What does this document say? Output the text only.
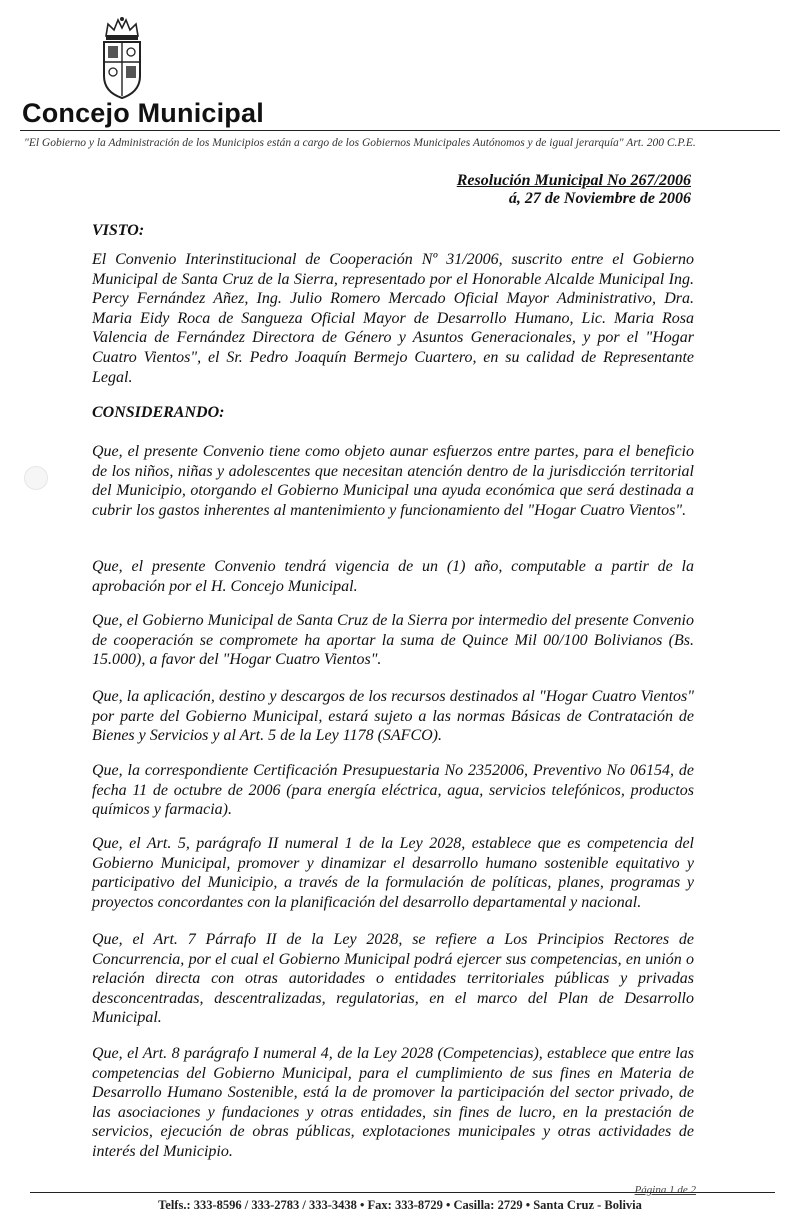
Concejo Municipal
"El Gobierno y la Administración de los Municipios están a cargo de los Gobiernos Municipales Autónomos y de igual jerarquía" Art. 200 C.P.E.
Resolución Municipal No 267/2006
á, 27 de Noviembre de 2006
VISTO:

El Convenio Interinstitucional de Cooperación Nº 31/2006, suscrito entre el Gobierno Municipal de Santa Cruz de la Sierra, representado por el Honorable Alcalde Municipal Ing. Percy Fernández Añez, Ing. Julio Romero Mercado Oficial Mayor Administrativo, Dra. Maria Eidy Roca de Sangueza Oficial Mayor de Desarrollo Humano, Lic. Maria Rosa Valencia de Fernández Directora de Género y Asuntos Generacionales, y por el "Hogar Cuatro Vientos", el Sr. Pedro Joaquín Bermejo Cuartero, en su calidad de Representante Legal.

CONSIDERANDO:

Que, el presente Convenio tiene como objeto aunar esfuerzos entre partes, para el beneficio de los niños, niñas y adolescentes que necesitan atención dentro de la jurisdicción territorial del Municipio, otorgando el Gobierno Municipal una ayuda económica que será destinada a cubrir los gastos inherentes al mantenimiento y funcionamiento del "Hogar Cuatro Vientos".

Que, el presente Convenio tendrá vigencia de un (1) año, computable a partir de la aprobación por el H. Concejo Municipal.

Que, el Gobierno Municipal de Santa Cruz de la Sierra por intermedio del presente Convenio de cooperación se compromete ha aportar la suma de Quince Mil 00/100 Bolivianos (Bs. 15.000), a favor del "Hogar Cuatro Vientos".

Que, la aplicación, destino y descargos de los recursos destinados al "Hogar Cuatro Vientos" por parte del Gobierno Municipal, estará sujeto a las normas Básicas de Contratación de Bienes y Servicios y al Art. 5 de la Ley 1178 (SAFCO).

Que, la correspondiente Certificación Presupuestaria No 2352006, Preventivo No 06154, de fecha 11 de octubre de 2006 (para energía eléctrica, agua, servicios telefónicos, productos químicos y farmacia).

Que, el Art. 5, parágrafo II numeral 1 de la Ley 2028, establece que es competencia del Gobierno Municipal, promover y dinamizar el desarrollo humano sostenible equitativo y participativo del Municipio, a través de la formulación de políticas, planes, programas y proyectos concordantes con la planificación del desarrollo departamental y nacional.

Que, el Art. 7 Párrafo II de la Ley 2028, se refiere a Los Principios Rectores de Concurrencia, por el cual el Gobierno Municipal podrá ejercer sus competencias, en unión o relación directa con otras autoridades o entidades territoriales públicas y privadas desconcentradas, descentralizadas, regulatorias, en el marco del Plan de Desarrollo Municipal.

Que, el Art. 8 parágrafo I numeral 4, de la Ley 2028 (Competencias), establece que entre las competencias del Gobierno Municipal, para el cumplimiento de sus fines en Materia de Desarrollo Humano Sostenible, está la de promover la participación del sector privado, de las asociaciones y fundaciones y otras entidades, sin fines de lucro, en la prestación de servicios, ejecución de obras públicas, explotaciones municipales y otras actividades de interés del Municipio.

Página 1 de 2
Telfs.: 333-8596 / 333-2783 / 333-3438 • Fax: 333-8729 • Casilla: 2729 • Santa Cruz - Bolivia
